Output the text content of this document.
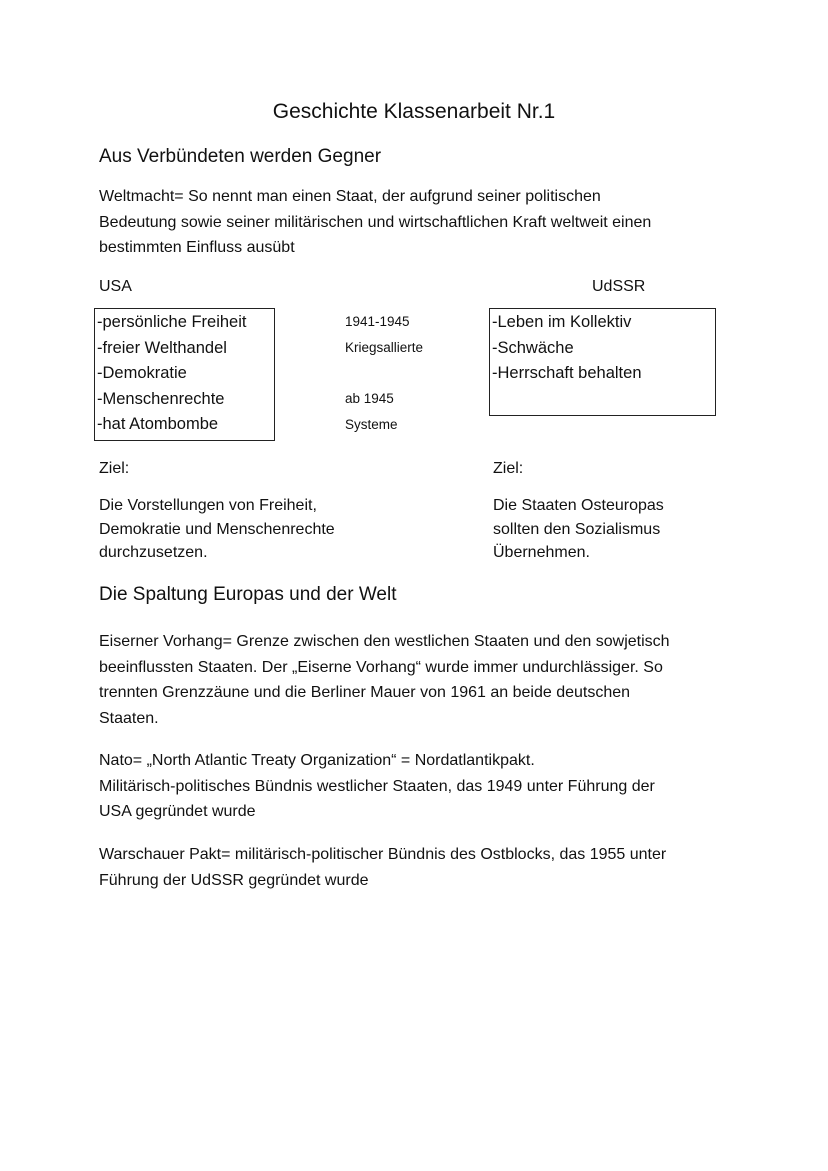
Geschichte Klassenarbeit Nr.1
Aus Verbündeten werden Gegner
Weltmacht= So nennt man einen Staat, der aufgrund seiner politischen
Bedeutung sowie seiner militärischen und wirtschaftlichen Kraft weltweit einen
bestimmten Einfluss ausübt
USA	UdSSR
-persönliche Freiheit
-freier Welthandel
-Demokratie
-Menschenrechte
-hat Atombombe
1941-1945
Kriegsallierte
ab 1945
Systeme
-Leben im Kollektiv
-Schwäche
-Herrschaft behalten
Ziel:	Ziel:
Die Vorstellungen von Freiheit,
Demokratie und Menschenrechte
durchzusetzen.
Die Staaten Osteuropas
sollten den Sozialismus
Übernehmen.
Die Spaltung Europas und der Welt
Eiserner Vorhang= Grenze zwischen den westlichen Staaten und den sowjetisch
beeinflussten Staaten. Der „Eiserne Vorhang“ wurde immer undurchlässiger. So
trennten Grenzzäune und die Berliner Mauer von 1961 an beide deutschen
Staaten.
Nato= „North Atlantic Treaty Organization“ = Nordatlantikpakt.
Militärisch-politisches Bündnis westlicher Staaten, das 1949 unter Führung der
USA gegründet wurde
Warschauer Pakt= militärisch-politischer Bündnis des Ostblocks, das 1955 unter
Führung der UdSSR gegründet wurde
